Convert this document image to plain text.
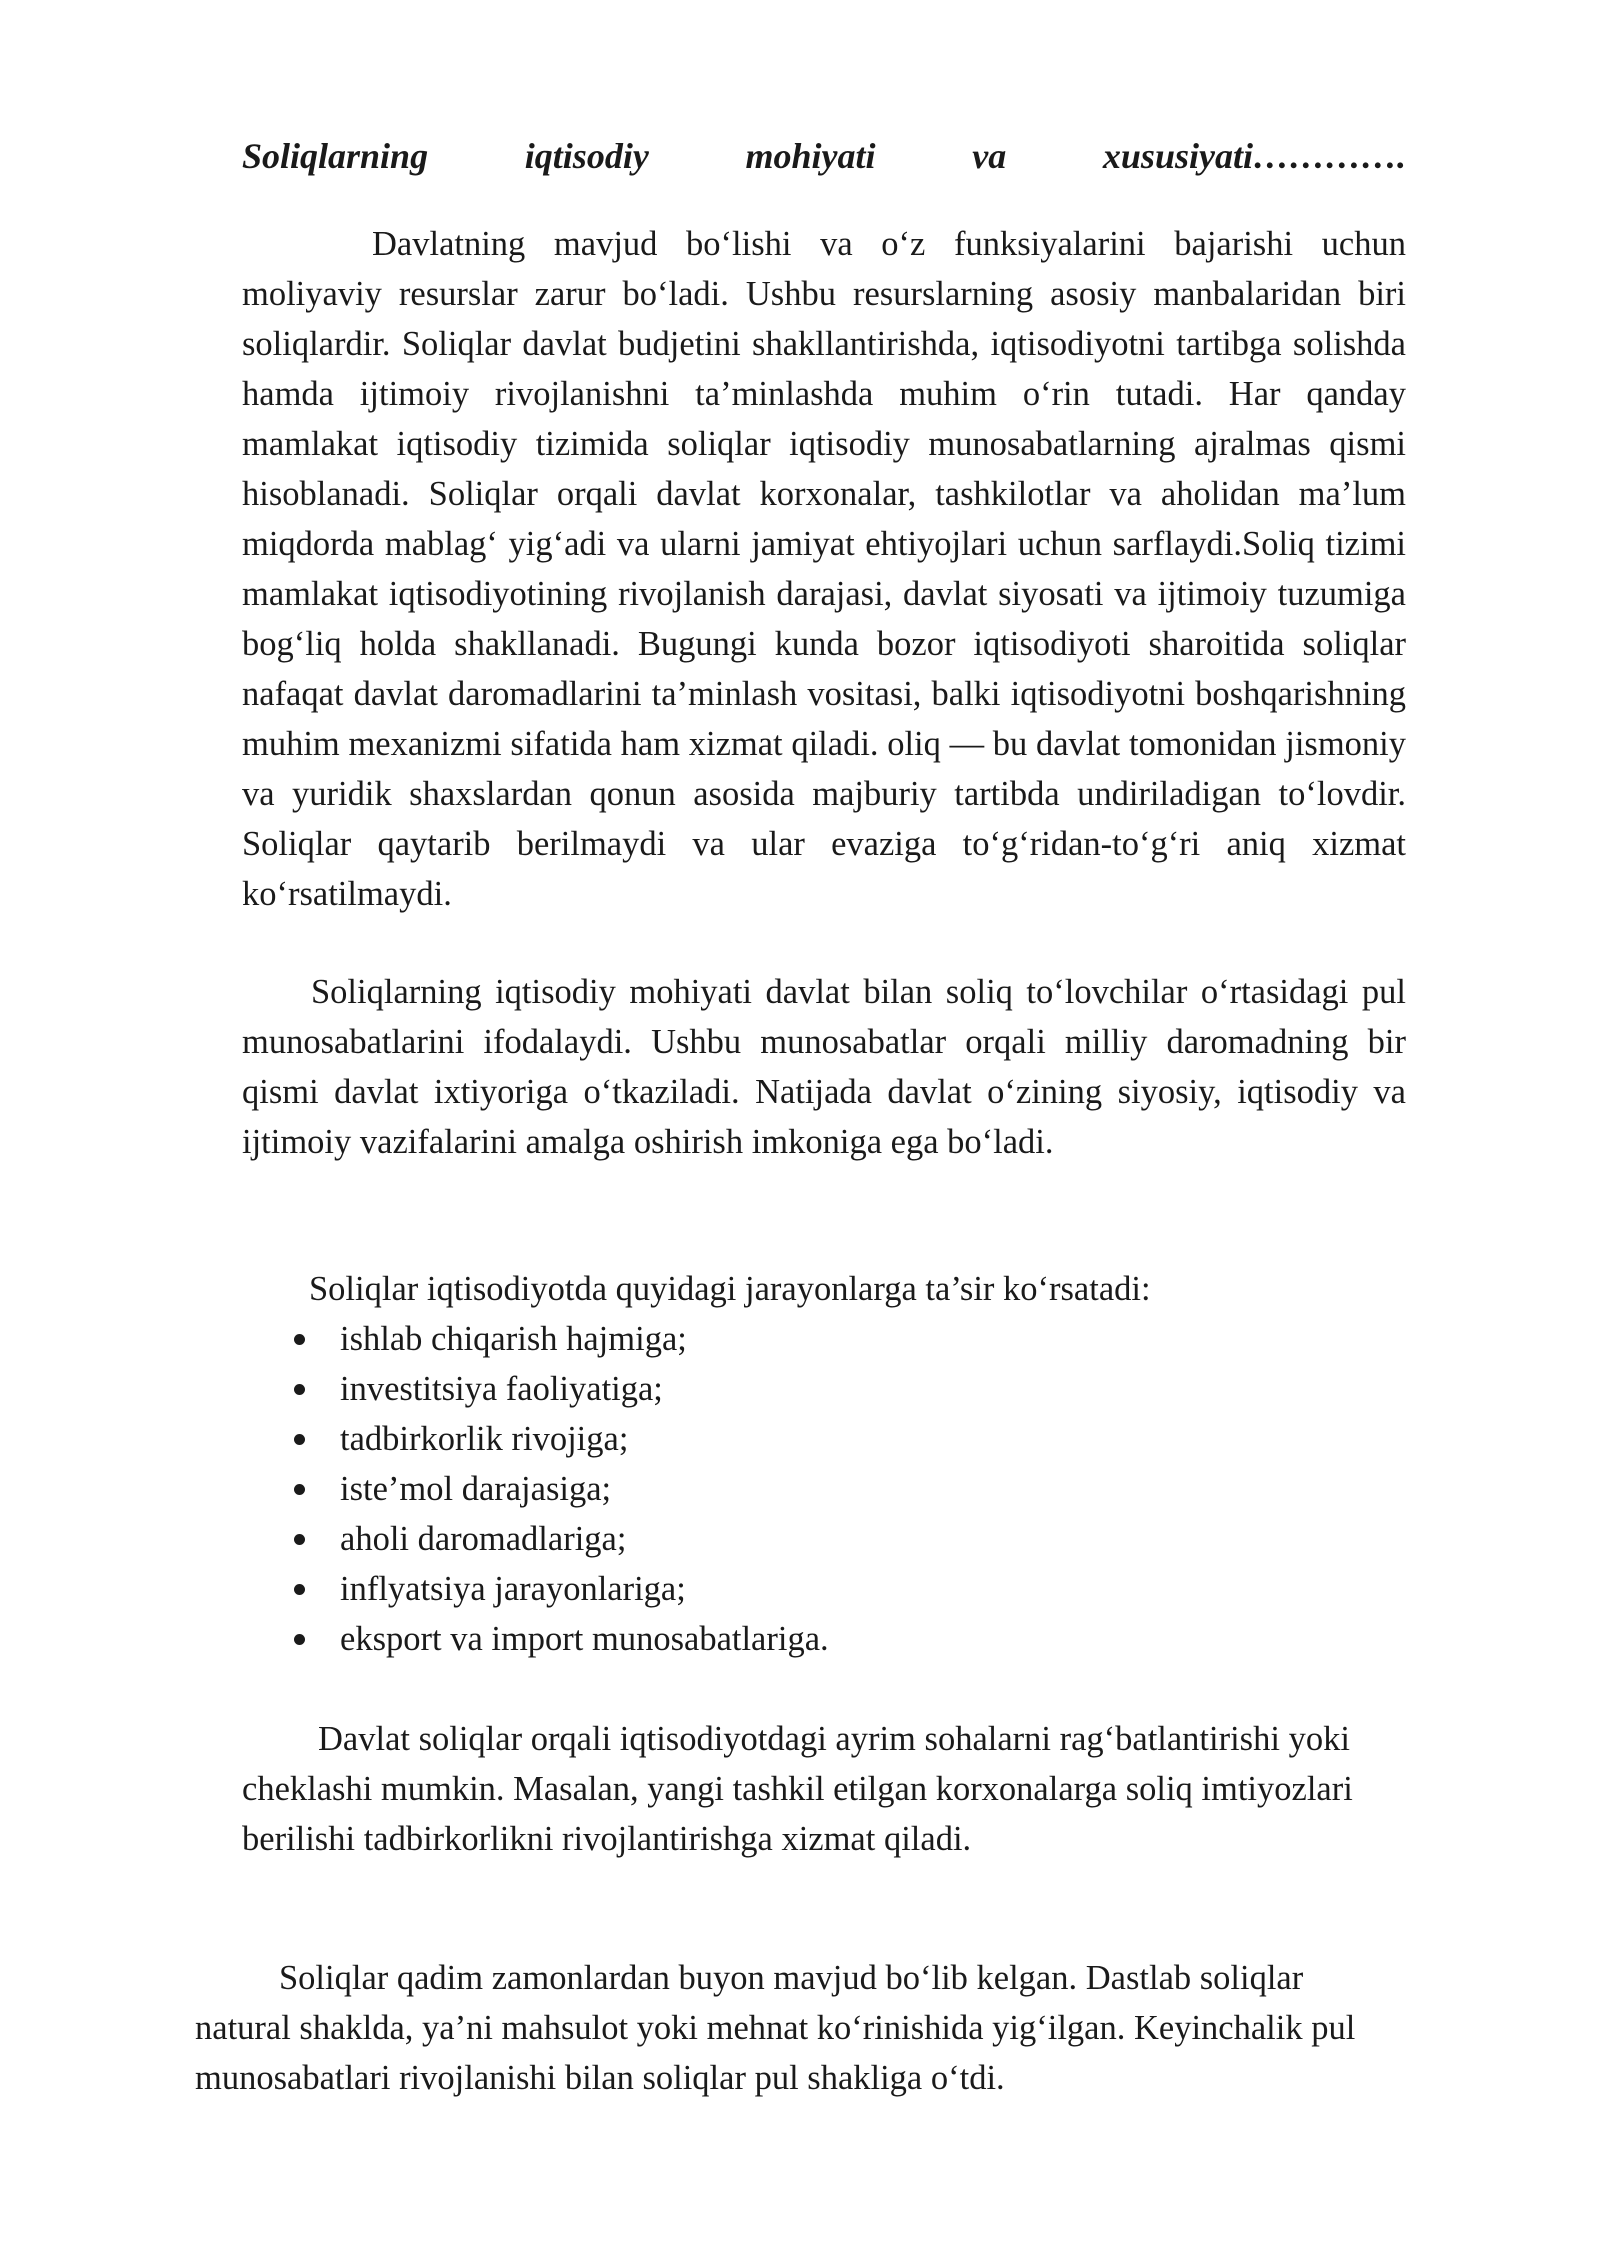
Soliqlarning	iqtisodiy	mohiyati	va	xususiyati………….

Davlatning mavjud bo‘lishi va o‘z funksiyalarini bajarishi uchun moliyaviy resurslar zarur bo‘ladi. Ushbu resurslarning asosiy manbalaridan biri soliqlardir. Soliqlar davlat budjetini shakllantirishda, iqtisodiyotni tartibga solishda hamda ijtimoiy rivojlanishni ta’minlashda muhim o‘rin tutadi. Har qanday mamlakat iqtisodiy tizimida soliqlar iqtisodiy munosabatlarning ajralmas qismi hisoblanadi. Soliqlar orqali davlat korxonalar, tashkilotlar va aholidan ma’lum miqdorda mablag‘ yig‘adi va ularni jamiyat ehtiyojlari uchun sarflaydi.Soliq tizimi mamlakat iqtisodiyotining rivojlanish darajasi, davlat siyosati va ijtimoiy tuzumiga bog‘liq holda shakllanadi. Bugungi kunda bozor iqtisodiyoti sharoitida soliqlar nafaqat davlat daromadlarini ta’minlash vositasi, balki iqtisodiyotni boshqarishning muhim mexanizmi sifatida ham xizmat qiladi. oliq — bu davlat tomonidan jismoniy va yuridik shaxslardan qonun asosida majburiy tartibda undiriladigan to‘lovdir. Soliqlar qaytarib berilmaydi va ular evaziga to‘g‘ridan-to‘g‘ri aniq xizmat ko‘rsatilmaydi.

Soliqlarning iqtisodiy mohiyati davlat bilan soliq to‘lovchilar o‘rtasidagi pul munosabatlarini ifodalaydi. Ushbu munosabatlar orqali milliy daromadning bir qismi davlat ixtiyoriga o‘tkaziladi. Natijada davlat o‘zining siyosiy, iqtisodiy va ijtimoiy vazifalarini amalga oshirish imkoniga ega bo‘ladi.

Soliqlar iqtisodiyotda quyidagi jarayonlarga ta’sir ko‘rsatadi:

ishlab chiqarish hajmiga;
investitsiya faoliyatiga;
tadbirkorlik rivojiga;
iste’mol darajasiga;
aholi daromadlariga;
inflyatsiya jarayonlariga;
eksport va import munosabatlariga.

Davlat soliqlar orqali iqtisodiyotdagi ayrim sohalarni rag‘batlantirishi yoki cheklashi mumkin. Masalan, yangi tashkil etilgan korxonalarga soliq imtiyozlari berilishi tadbirkorlikni rivojlantirishga xizmat qiladi.

Soliqlar qadim zamonlardan buyon mavjud bo‘lib kelgan. Dastlab soliqlar natural shaklda, ya’ni mahsulot yoki mehnat ko‘rinishida yig‘ilgan. Keyinchalik pul munosabatlari rivojlanishi bilan soliqlar pul shakliga o‘tdi.
